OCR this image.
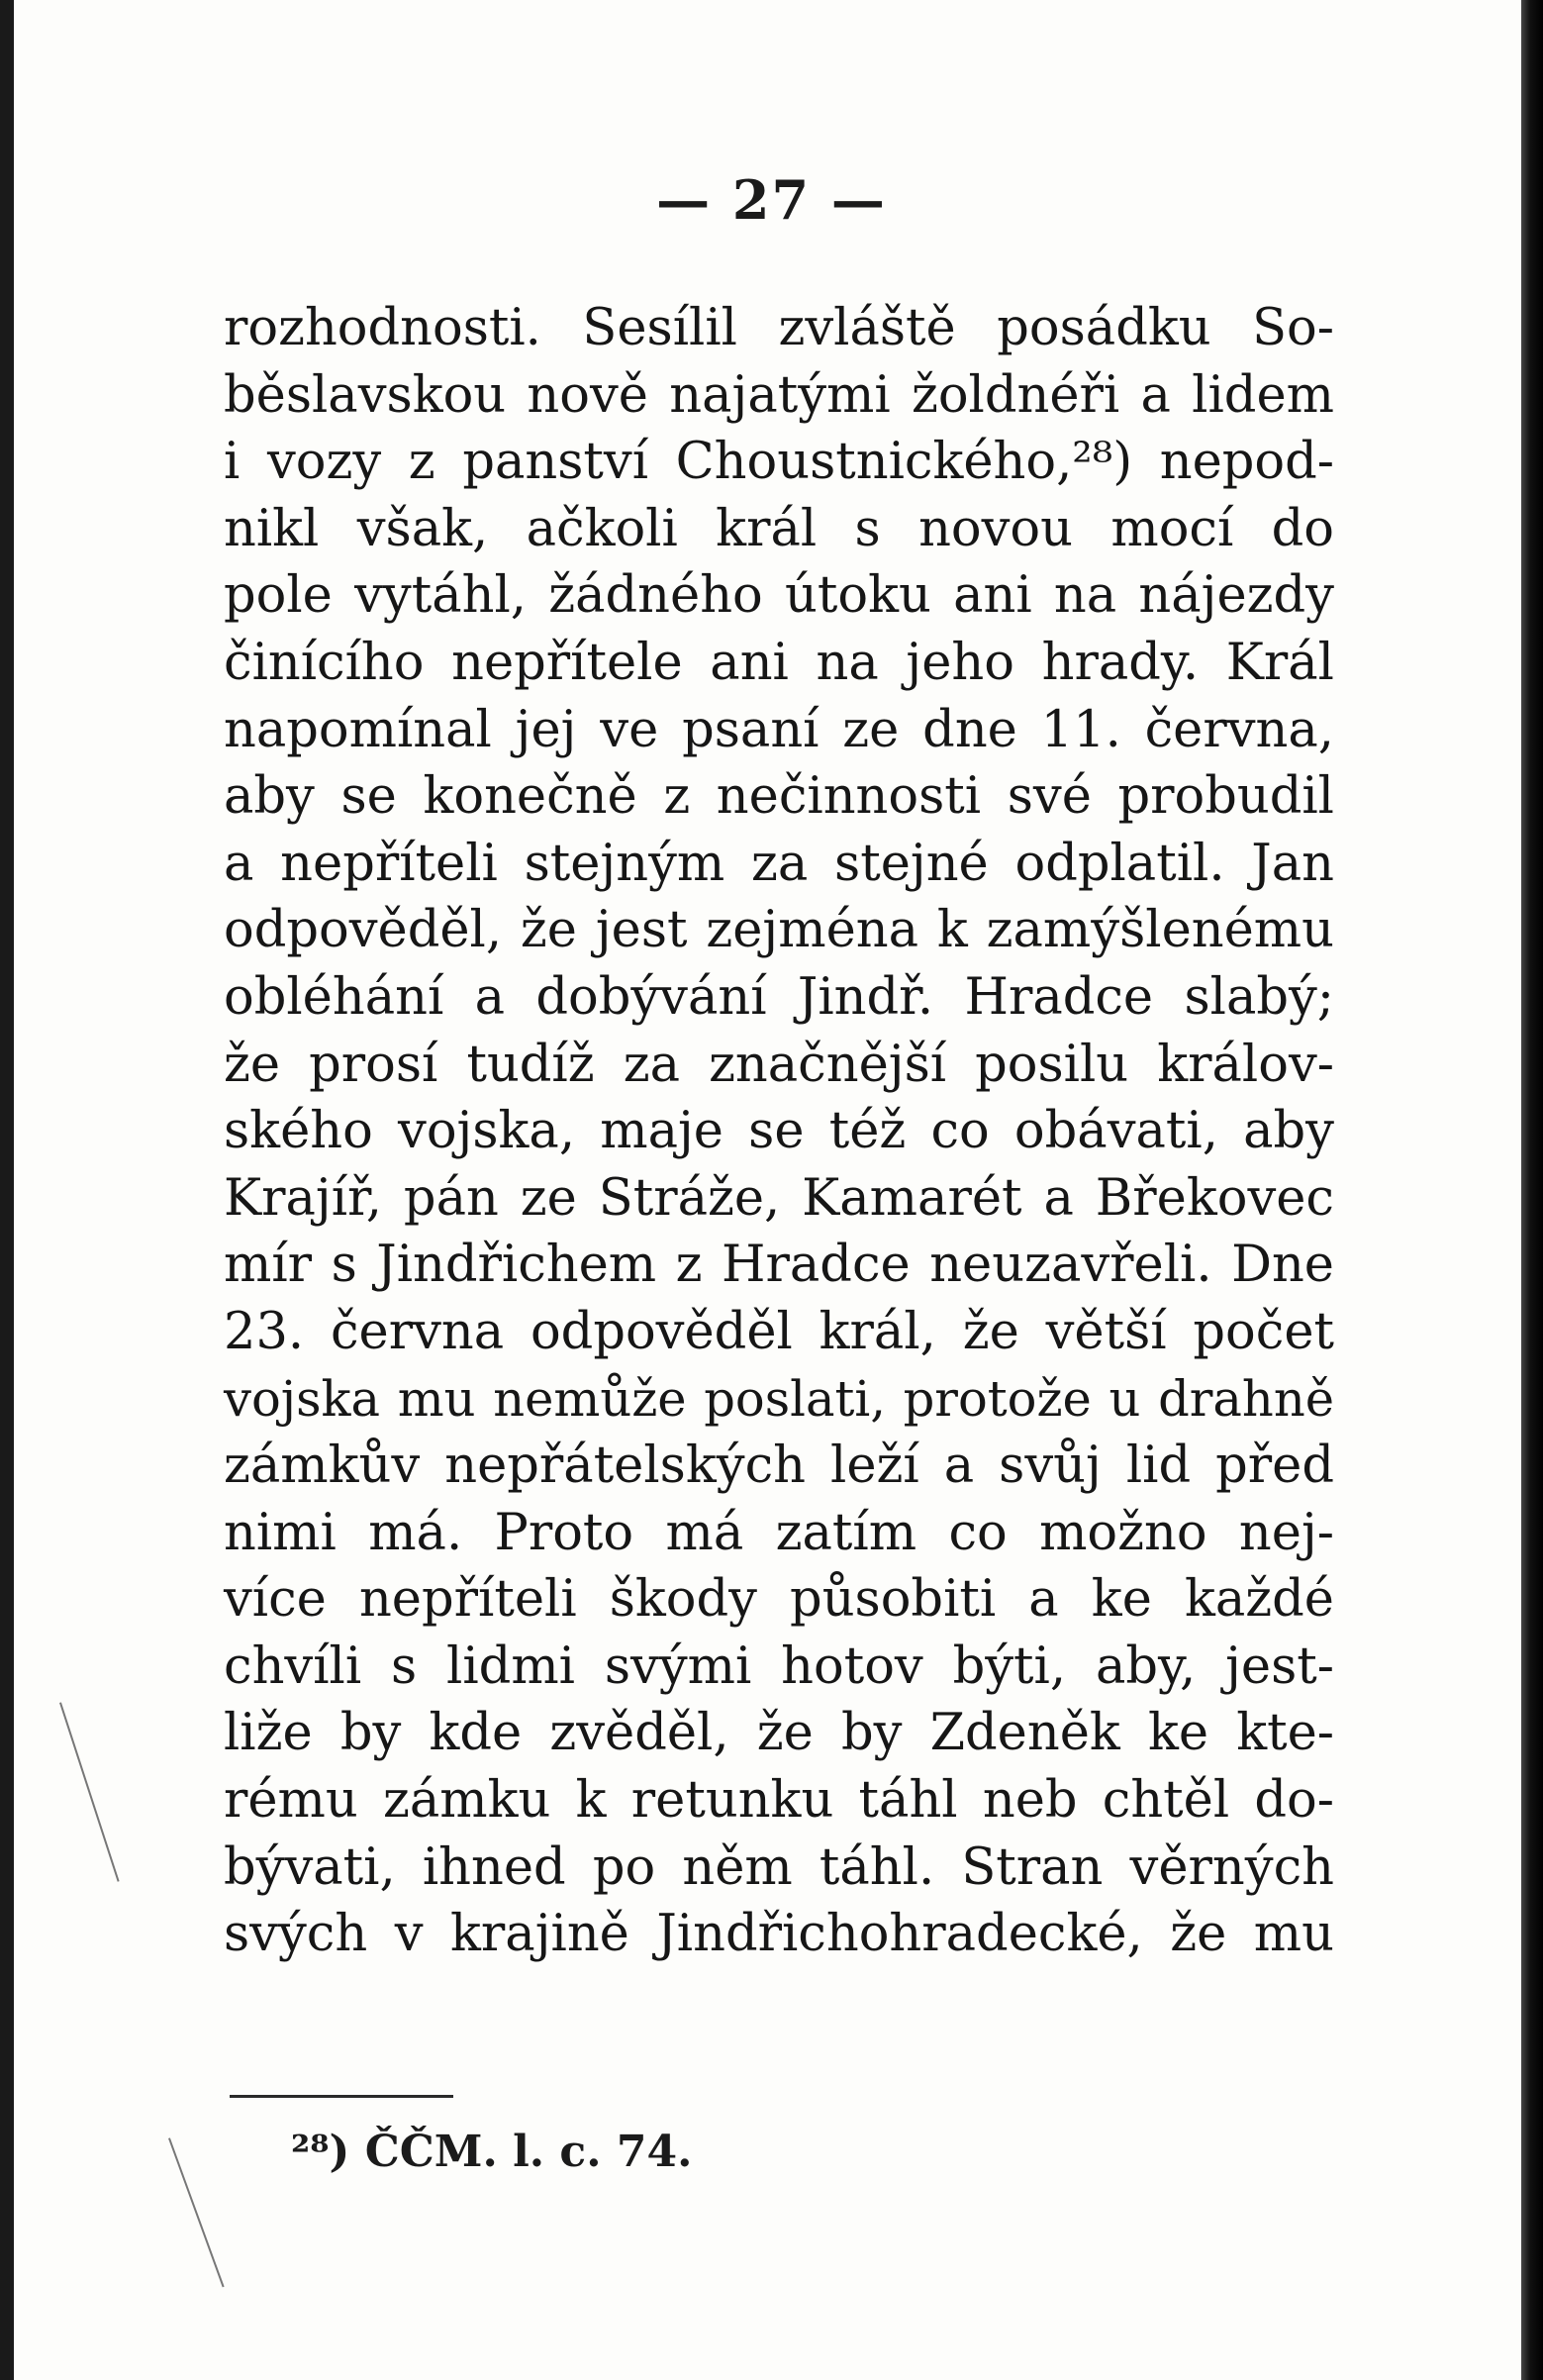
— 27 —
rozhodnosti. Sesílil zvláště posádku So-
běslavskou nově najatými žoldnéři a lidem
i vozy z panství Choustnického,²⁸) nepod-
nikl však, ačkoli král s novou mocí do
pole vytáhl, žádného útoku ani na nájezdy
činícího nepřítele ani na jeho hrady. Král
napomínal jej ve psaní ze dne 11. června,
aby se konečně z nečinnosti své probudil
a nepříteli stejným za stejné odplatil. Jan
odpověděl, že jest zejména k zamýšlenému
obléhání a dobývání Jindř. Hradce slabý;
že prosí tudíž za značnější posilu králov-
ského vojska, maje se též co obávati, aby
Krajíř, pán ze Stráže, Kamarét a Břekovec
mír s Jindřichem z Hradce neuzavřeli. Dne
23. června odpověděl král, že větší počet
vojska mu nemůže poslati, protože u drahně
zámkův nepřátelských leží a svůj lid před
nimi má. Proto má zatím co možno nej-
více nepříteli škody působiti a ke každé
chvíli s lidmi svými hotov býti, aby, jest-
liže by kde zvěděl, že by Zdeněk ke kte-
rému zámku k retunku táhl neb chtěl do-
bývati, ihned po něm táhl. Stran věrných
svých v krajině Jindřichohradecké, že mu
²⁸) ČČM. l. c. 74.
